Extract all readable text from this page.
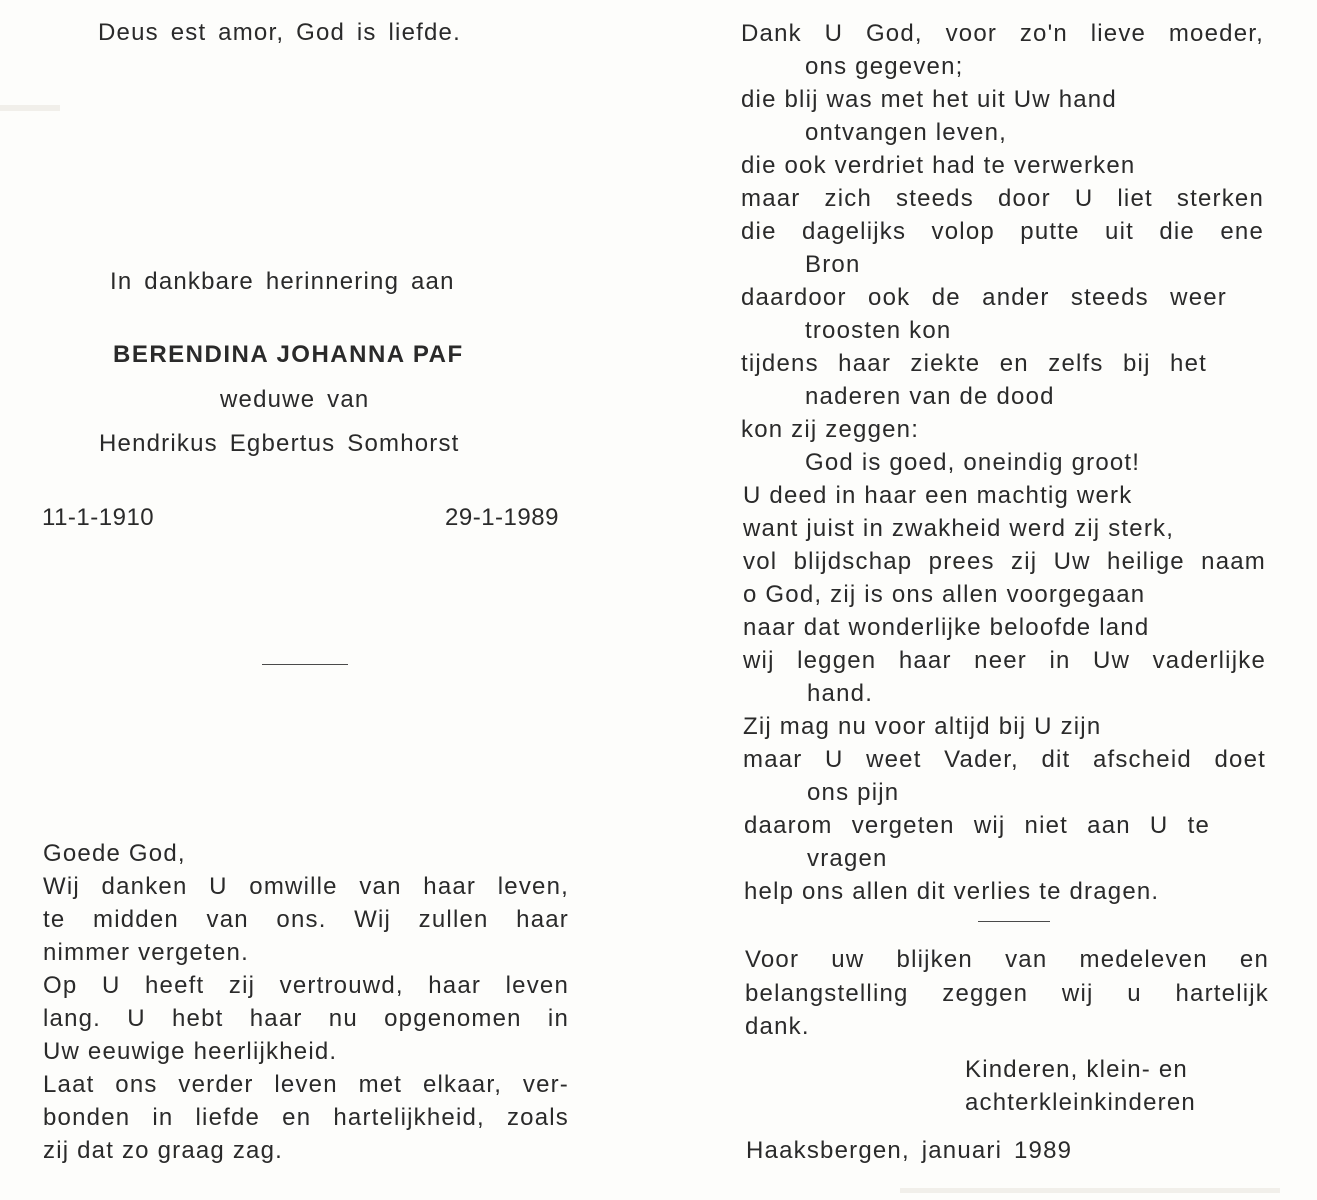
Deus est amor, God is liefde.
In dankbare herinnering aan
BERENDINA JOHANNA PAF
weduwe van
Hendrikus Egbertus Somhorst
11-1-1910	29-1-1989
Goede God,
Wij danken U omwille van haar leven,
te midden van ons. Wij zullen haar
nimmer vergeten.
Op U heeft zij vertrouwd, haar leven
lang. U hebt haar nu opgenomen in
Uw eeuwige heerlijkheid.
Laat ons verder leven met elkaar, ver-
bonden in liefde en hartelijkheid, zoals
zij dat zo graag zag.
Dank U God, voor zo'n lieve moeder,
ons gegeven;
die blij was met het uit Uw hand
ontvangen leven,
die ook verdriet had te verwerken
maar zich steeds door U liet sterken
die dagelijks volop putte uit die ene
Bron
daardoor ook de ander steeds weer
troosten kon
tijdens haar ziekte en zelfs bij het
naderen van de dood
kon zij zeggen:
God is goed, oneindig groot!
U deed in haar een machtig werk
want juist in zwakheid werd zij sterk,
vol blijdschap prees zij Uw heilige naam
o God, zij is ons allen voorgegaan
naar dat wonderlijke beloofde land
wij leggen haar neer in Uw vaderlijke
hand.
Zij mag nu voor altijd bij U zijn
maar U weet Vader, dit afscheid doet
ons pijn
daarom vergeten wij niet aan U te
vragen
help ons allen dit verlies te dragen.
Voor uw blijken van medeleven en
belangstelling zeggen wij u hartelijk
dank.
Kinderen, klein- en
achterkleinkinderen
Haaksbergen, januari 1989
